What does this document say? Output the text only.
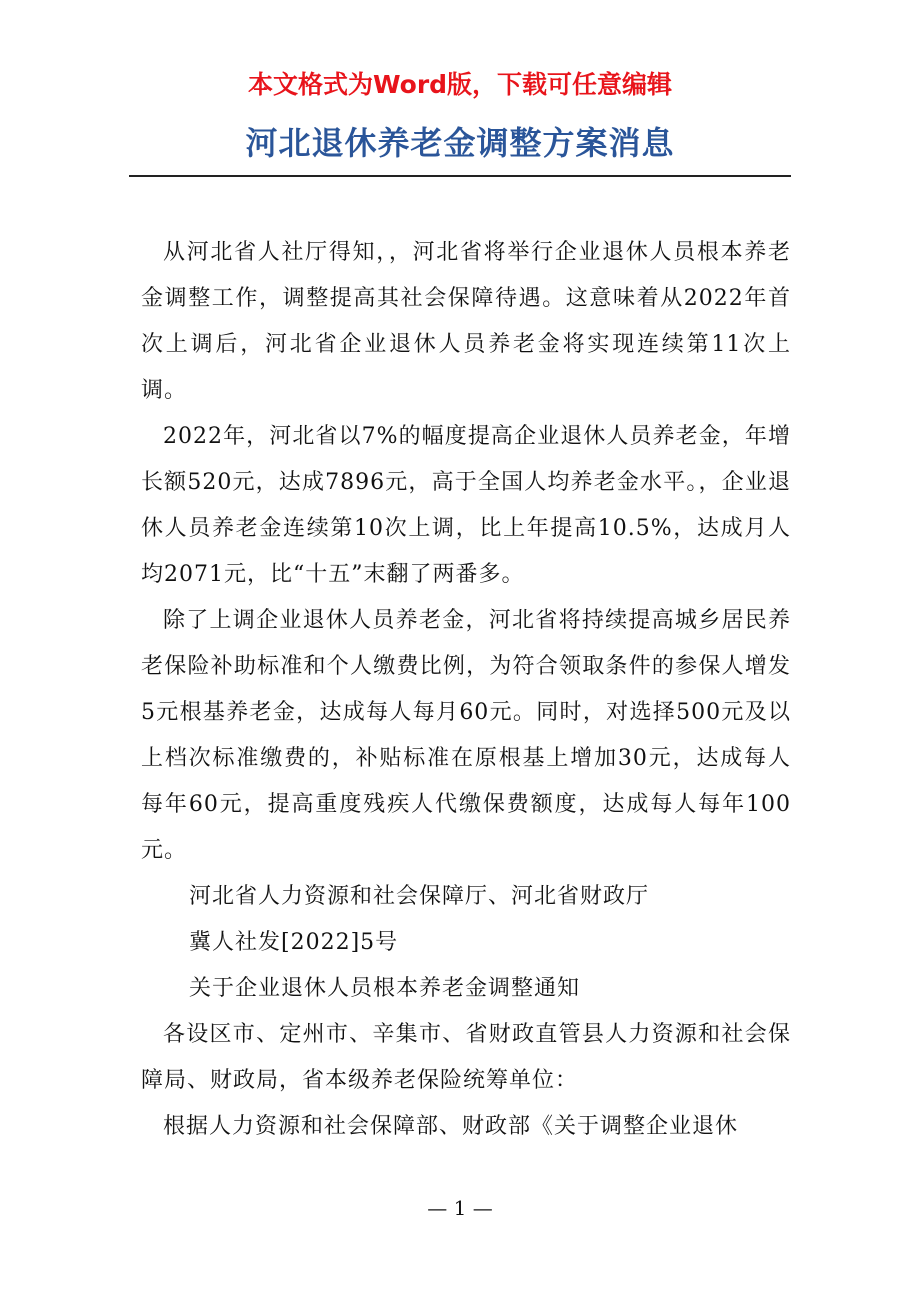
本文格式为Word版，下载可任意编辑
河北退休养老金调整方案消息

从河北省人社厅得知，，河北省将举行企业退休人员根本养老金调整工作，调整提高其社会保障待遇。这意味着从2022年首次上调后，河北省企业退休人员养老金将实现连续第11次上调。

2022年，河北省以7%的幅度提高企业退休人员养老金，年增长额520元，达成7896元，高于全国人均养老金水平。，企业退休人员养老金连续第10次上调，比上年提高10.5%，达成月人均2071元，比“十五”末翻了两番多。

除了上调企业退休人员养老金，河北省将持续提高城乡居民养老保险补助标准和个人缴费比例，为符合领取条件的参保人增发5元根基养老金，达成每人每月60元。同时，对选择500元及以上档次标准缴费的，补贴标准在原根基上增加30元，达成每人每年60元，提高重度残疾人代缴保费额度，达成每人每年100元。

河北省人力资源和社会保障厅、河北省财政厅

冀人社发[2022]5号

关于企业退休人员根本养老金调整通知

各设区市、定州市、辛集市、省财政直管县人力资源和社会保障局、财政局，省本级养老保险统筹单位：

根据人力资源和社会保障部、财政部《关于调整企业退休

— 1 —
